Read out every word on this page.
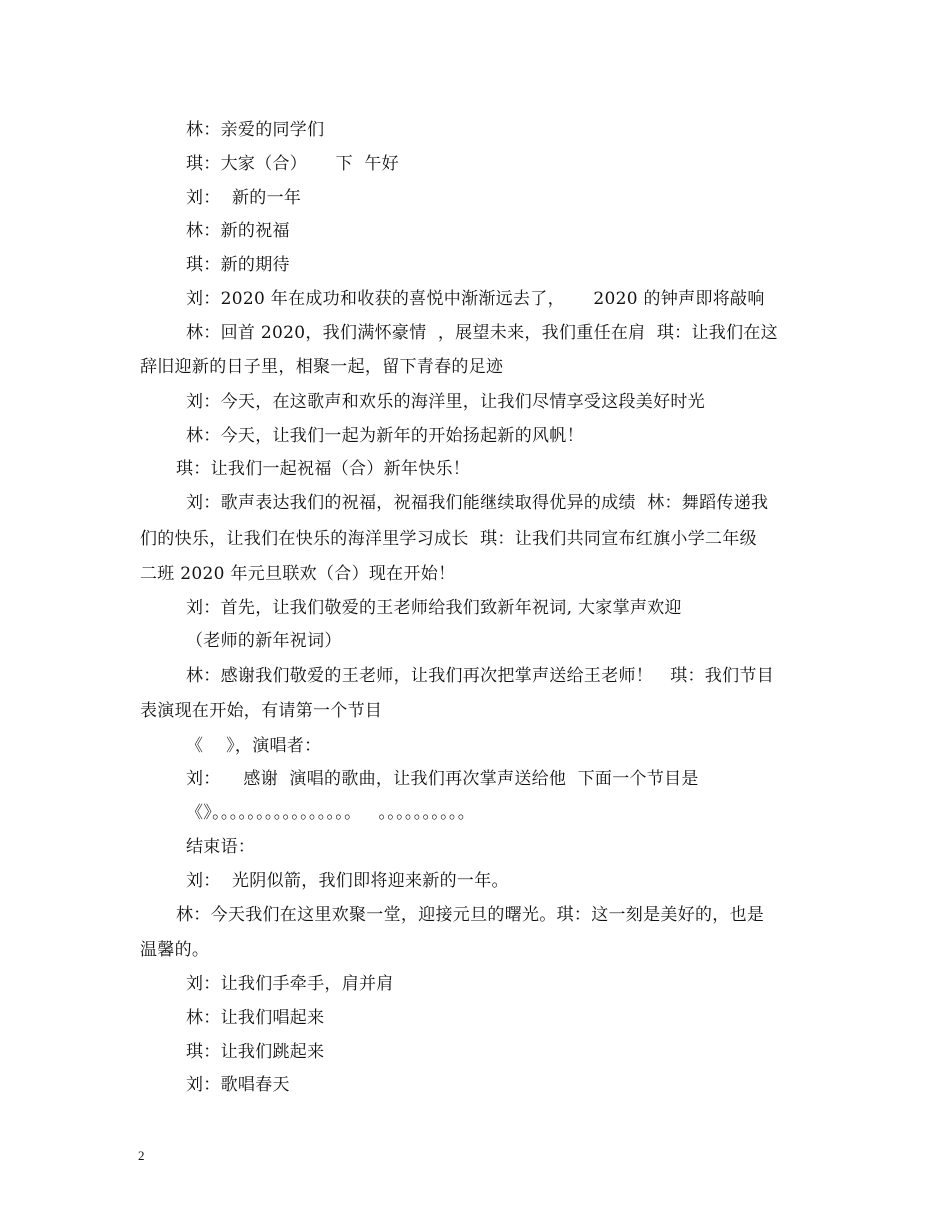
林：亲爱的同学们
琪：大家（合）     下  午好
刘：  新的一年
林：新的祝福
琪：新的期待
刘：2020 年在成功和收获的喜悦中渐渐远去了，     2020 的钟声即将敲响
林：回首 2020，我们满怀豪情  ，展望未来，我们重任在肩  琪：让我们在这
辞旧迎新的日子里，相聚一起，留下青春的足迹
刘：今天，在这歌声和欢乐的海洋里，让我们尽情享受这段美好时光
林：今天，让我们一起为新年的开始扬起新的风帆！
琪：让我们一起祝福（合）新年快乐！
刘：歌声表达我们的祝福，祝福我们能继续取得优异的成绩  林：舞蹈传递我
们的快乐，让我们在快乐的海洋里学习成长  琪：让我们共同宣布红旗小学二年级
二班 2020 年元旦联欢（合）现在开始！
刘：首先，让我们敬爱的王老师给我们致新年祝词, 大家掌声欢迎
（老师的新年祝词）
林：感谢我们敬爱的王老师，让我们再次把掌声送给王老师！   琪：我们节目
表演现在开始，有请第一个节目
《    》，演唱者：
刘：    感谢  演唱的歌曲，让我们再次掌声送给他  下面一个节目是
《》。。。。。。。。。。。。。。。。   。。。。。。。。。。
结束语：
刘：  光阴似箭，我们即将迎来新的一年。
林：今天我们在这里欢聚一堂，迎接元旦的曙光。琪：这一刻是美好的，也是
温馨的。
刘：让我们手牵手，肩并肩
林：让我们唱起来
琪：让我们跳起来
刘：歌唱春天
2
